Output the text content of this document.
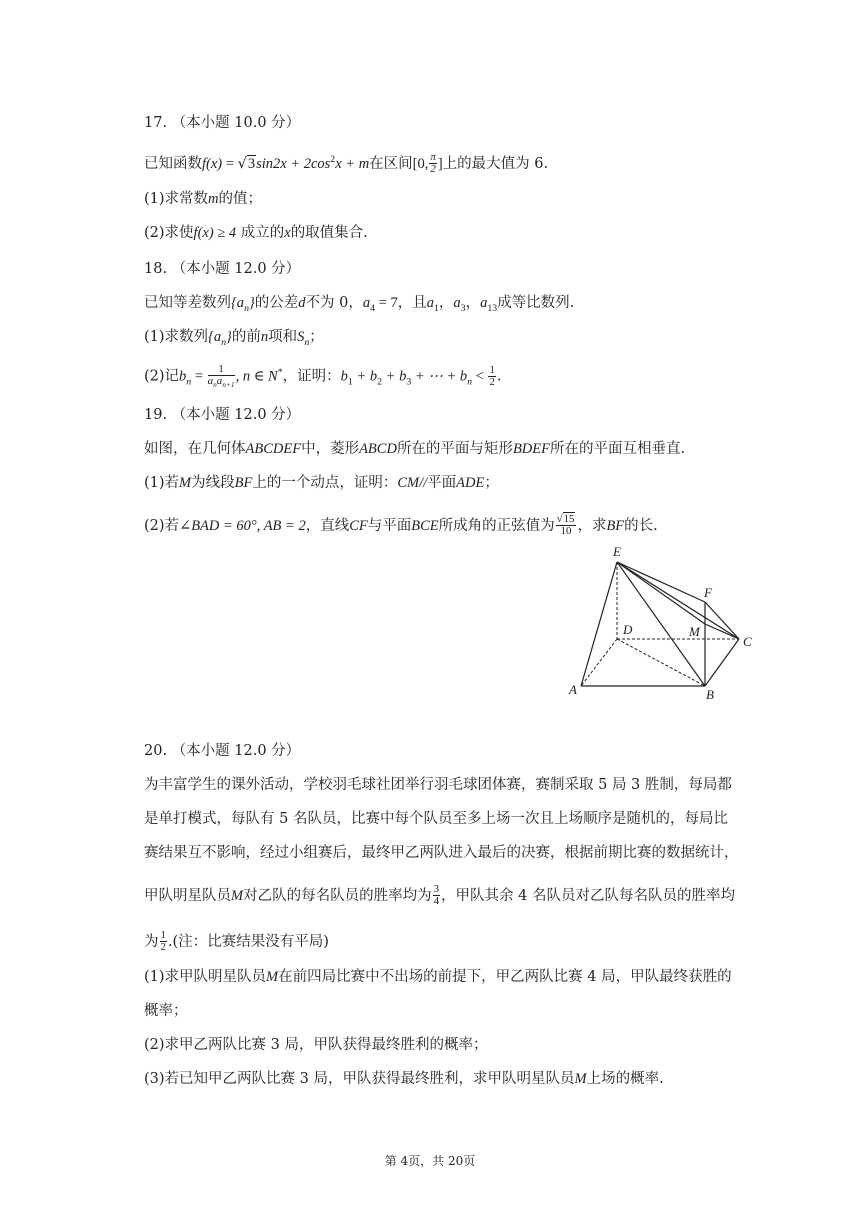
17. （本小题 10.0 分）
已知函数$f(x) = √3\sin 2x + 2\cos^2x + m$在区间[0, $\frac{\pi}{2}$ ]上的最大值为 6.
(1)求常数m的值；
(2)求使f(x) ≥ 4 成立的x的取值集合.
18. （本小题 12.0 分）
已知等差数列$\{a_n\}$的公差d不为 0，$a_4 = 7$，且$a_1$，$a_3$，$a_{13}$成等比数列.
(1)求数列$\{a_n\}$的前n项和$S_n$；
(2)记$b_n = \frac{1}{a_na_{n+1}}$ , n ∈ N*，证明：$b_1 + b_2 + b_3$ + ⋯ + $b_n < \frac{1}{2}$ .
19. （本小题 12.0 分）
如图，在几何体ABCDEF中，菱形ABCD所在的平面与矩形BDEF所在的平面互相垂直.
(1)若M为线段BF上的一个动点，证明：CM//平面ADE；
(2)若∠BAD = 60°, AB = 2，直线CF与平面BCE所成角的正弦值为 $\frac{√15}{10}$ ，求BF的长.
E
F
D	M
C
A	B
20. （本小题 12.0 分）
为丰富学生的课外活动，学校羽毛球社团举行羽毛球团体赛，赛制采取 5 局 3 胜制，每局都
是单打模式，每队有 5 名队员，比赛中每个队员至多上场一次且上场顺序是随机的，每局比
赛结果互不影响，经过小组赛后，最终甲乙两队进入最后的决赛，根据前期比赛的数据统计，
甲队明星队员M对乙队的每名队员的胜率均为 $\frac{3}{4}$ ，甲队其余 4 名队员对乙队每名队员的胜率均
为 $\frac{1}{2}$ .(注：比赛结果没有平局)
(1)求甲队明星队员M在前四局比赛中不出场的前提下，甲乙两队比赛 4 局，甲队最终获胜的
概率；
(2)求甲乙两队比赛 3 局，甲队获得最终胜利的概率；
(3)若已知甲乙两队比赛 3 局，甲队获得最终胜利，求甲队明星队员M上场的概率.
第 4页，共 20页
